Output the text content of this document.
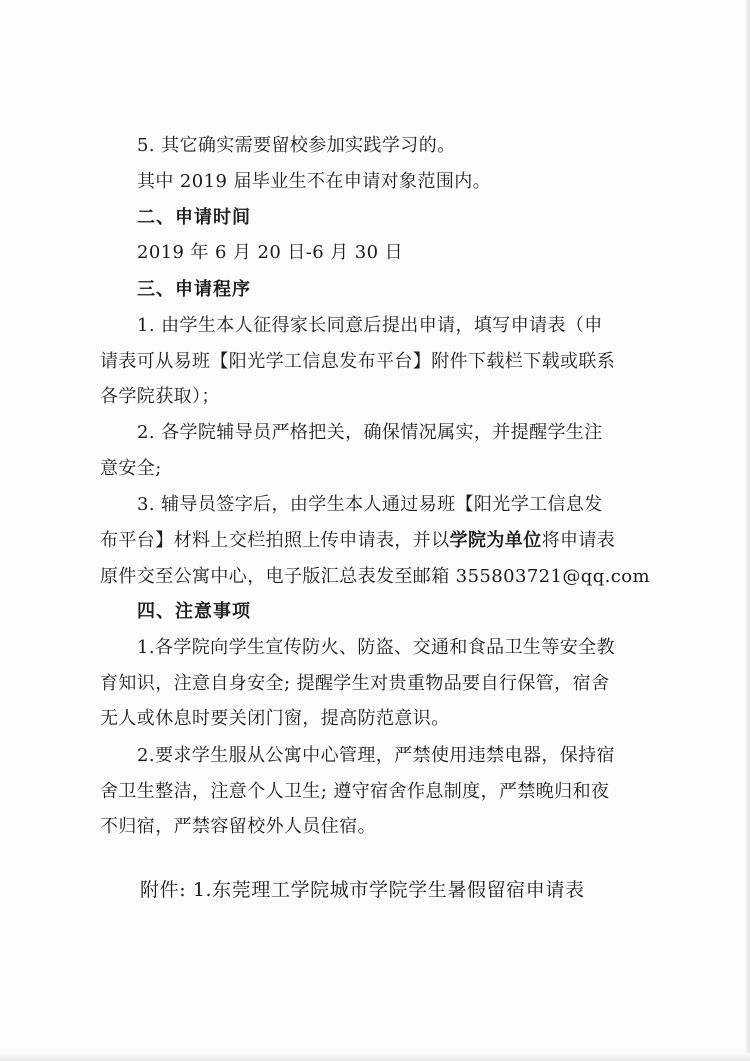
5. 其它确实需要留校参加实践学习的。
其中 2019 届毕业生不在申请对象范围内。
二、申请时间
2019 年 6 月 20 日-6 月 30 日
三、申请程序
1. 由学生本人征得家长同意后提出申请，填写申请表（申
请表可从易班【阳光学工信息发布平台】附件下载栏下载或联系
各学院获取）；
2. 各学院辅导员严格把关，确保情况属实，并提醒学生注
意安全;
3. 辅导员签字后，由学生本人通过易班【阳光学工信息发
布平台】材料上交栏拍照上传申请表，并以学院为单位将申请表
原件交至公寓中心，电子版汇总表发至邮箱 355803721@qq.com
四、注意事项
1.各学院向学生宣传防火、防盗、交通和食品卫生等安全教
育知识，注意自身安全; 提醒学生对贵重物品要自行保管，宿舍
无人或休息时要关闭门窗，提高防范意识。
2.要求学生服从公寓中心管理，严禁使用违禁电器，保持宿
舍卫生整洁，注意个人卫生; 遵守宿舍作息制度，严禁晚归和夜
不归宿，严禁容留校外人员住宿。
附件: 1.东莞理工学院城市学院学生暑假留宿申请表
